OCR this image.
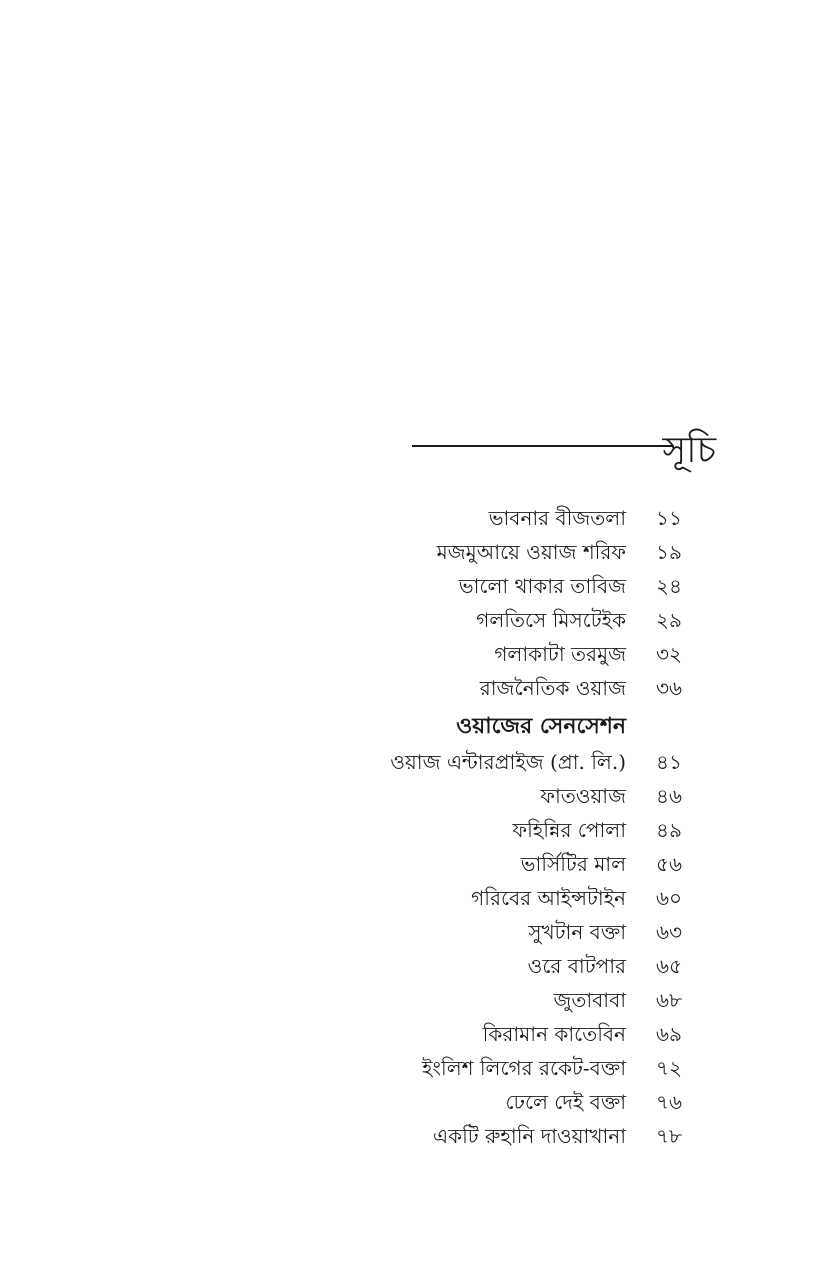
সূচি
ভাবনার বীজতলা ১১
মজমুআয়ে ওয়াজ শরিফ ১৯
ভালো থাকার তাবিজ ২৪
গলতিসে মিসটেইক ২৯
গলাকাটা তরমুজ ৩২
রাজনৈতিক ওয়াজ ৩৬
ওয়াজের সেনসেশন
ওয়াজ এন্টারপ্রাইজ (প্রা. লি.) ৪১
ফাতওয়াজ ৪৬
ফহিন্নির পোলা ৪৯
ভার্সিটির মাল ৫৬
গরিবের আইন্সটাইন ৬০
সুখটান বক্তা ৬৩
ওরে বাটপার ৬৫
জুতাবাবা ৬৮
কিরামান কাতেবিন ৬৯
ইংলিশ লিগের রকেট-বক্তা ৭২
ঢেলে দেই বক্তা ৭৬
একটি রুহানি দাওয়াখানা ৭৮
